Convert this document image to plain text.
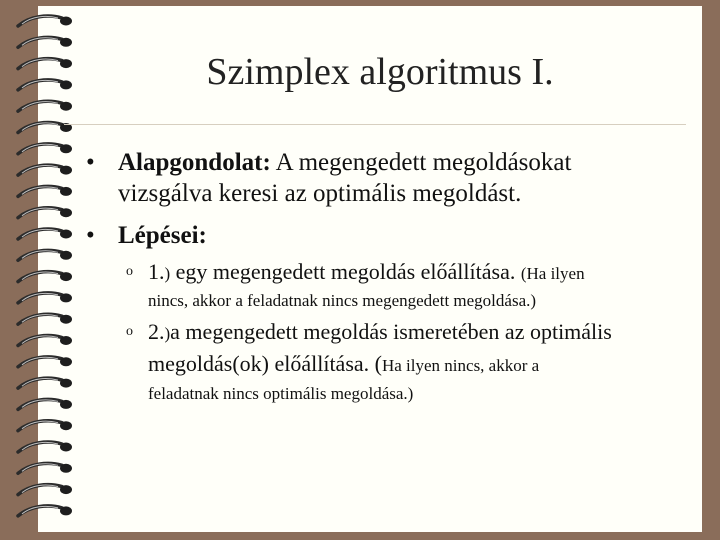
Szimplex algoritmus I.
• Alapgondolat: A megengedett megoldásokat
vizsgálva keresi az optimális megoldást.
• Lépései:
o 1.) egy megengedett megoldás előállítása. (Ha ilyen
nincs, akkor a feladatnak nincs megengedett megoldása.)
o 2.)a megengedett megoldás ismeretében az optimális
megoldás(ok) előállítása. (Ha ilyen nincs, akkor a
feladatnak nincs optimális megoldása.)
